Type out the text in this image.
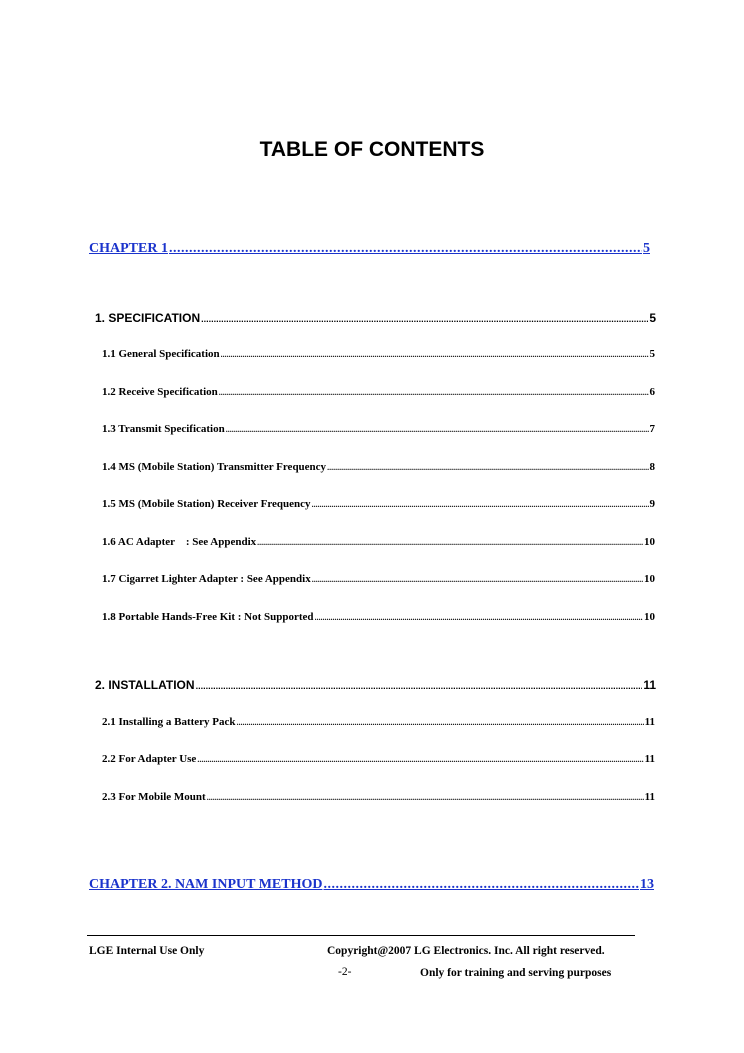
TABLE OF CONTENTS
CHAPTER 1 .....	5
1. SPECIFICATION .....	5
1.1 General Specification .....	5
1.2 Receive Specification .....	6
1.3 Transmit Specification .....	7
1.4 MS (Mobile Station) Transmitter Frequency .....	8
1.5 MS (Mobile Station) Receiver Frequency .....	9
1.6 AC Adapter    : See Appendix .....	10
1.7 Cigarret Lighter Adapter : See Appendix .....	10
1.8 Portable Hands-Free Kit : Not Supported .....	10
2. INSTALLATION .....	11
2.1 Installing a Battery Pack .....	11
2.2 For Adapter Use .....	11
2.3 For Mobile Mount .....	11
CHAPTER 2. NAM INPUT METHOD .....	13
LGE Internal Use Only	Copyright@2007 LG Electronics. Inc. All right reserved.
-2-	Only for training and serving purposes
